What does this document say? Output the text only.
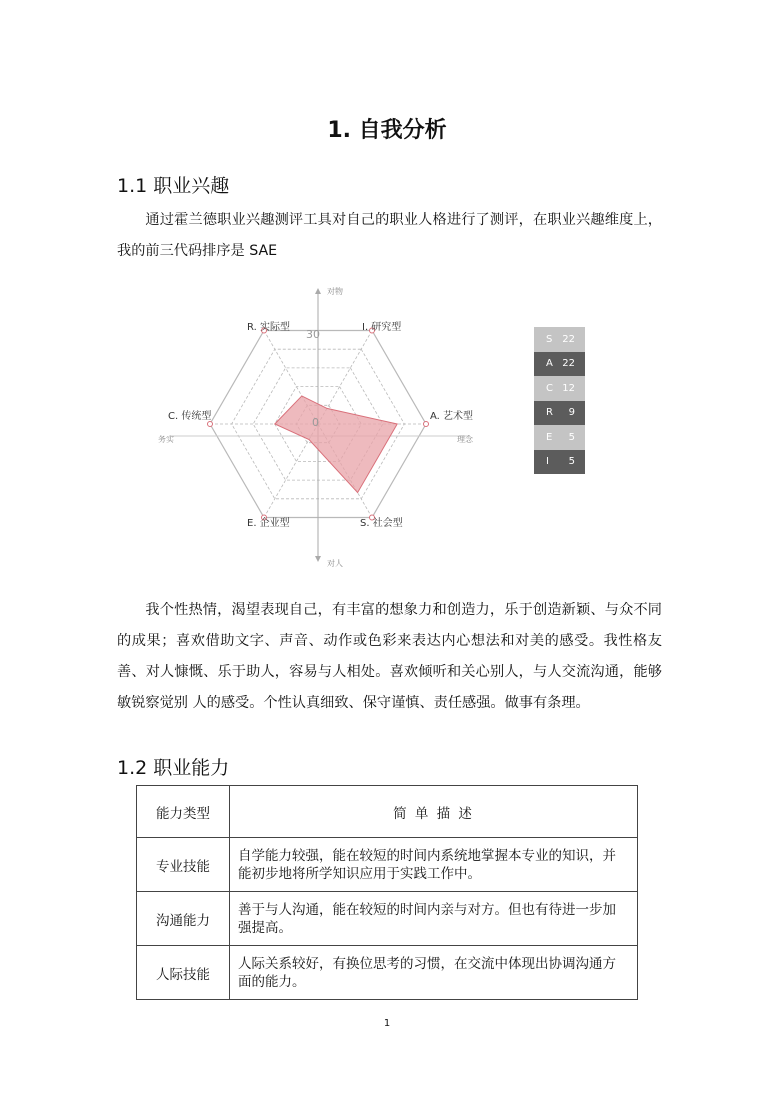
1. 自我分析
1.1 职业兴趣
通过霍兰德职业兴趣测评工具对自己的职业人格进行了测评，在职业兴趣维度上，我的前三代码排序是 SAE
I. 研究型
A. 艺术型
S. 社会型
E. 企业型
C. 传统型
R. 实际型
30
0
对物
对人
务实	理念
S 22
A 22
C 12
R 9
E 5
I 5
我个性热情，渴望表现自己，有丰富的想象力和创造力，乐于创造新颖、与众不同的成果；喜欢借助文字、声音、动作或色彩来表达内心想法和对美的感受。我性格友善、对人慷慨、乐于助人，容易与人相处。喜欢倾听和关心别人，与人交流沟通，能够敏锐察觉别 人的感受。个性认真细致、保守谨慎、责任感强。做事有条理。
1.2 职业能力
能力类型	简 单 描 述
专业技能	自学能力较强，能在较短的时间内系统地掌握本专业的知识，并能初步地将所学知识应用于实践工作中。
沟通能力	善于与人沟通，能在较短的时间内亲与对方。但也有待进一步加强提高。
人际技能	人际关系较好，有换位思考的习惯，在交流中体现出协调沟通方面的能力。
1
